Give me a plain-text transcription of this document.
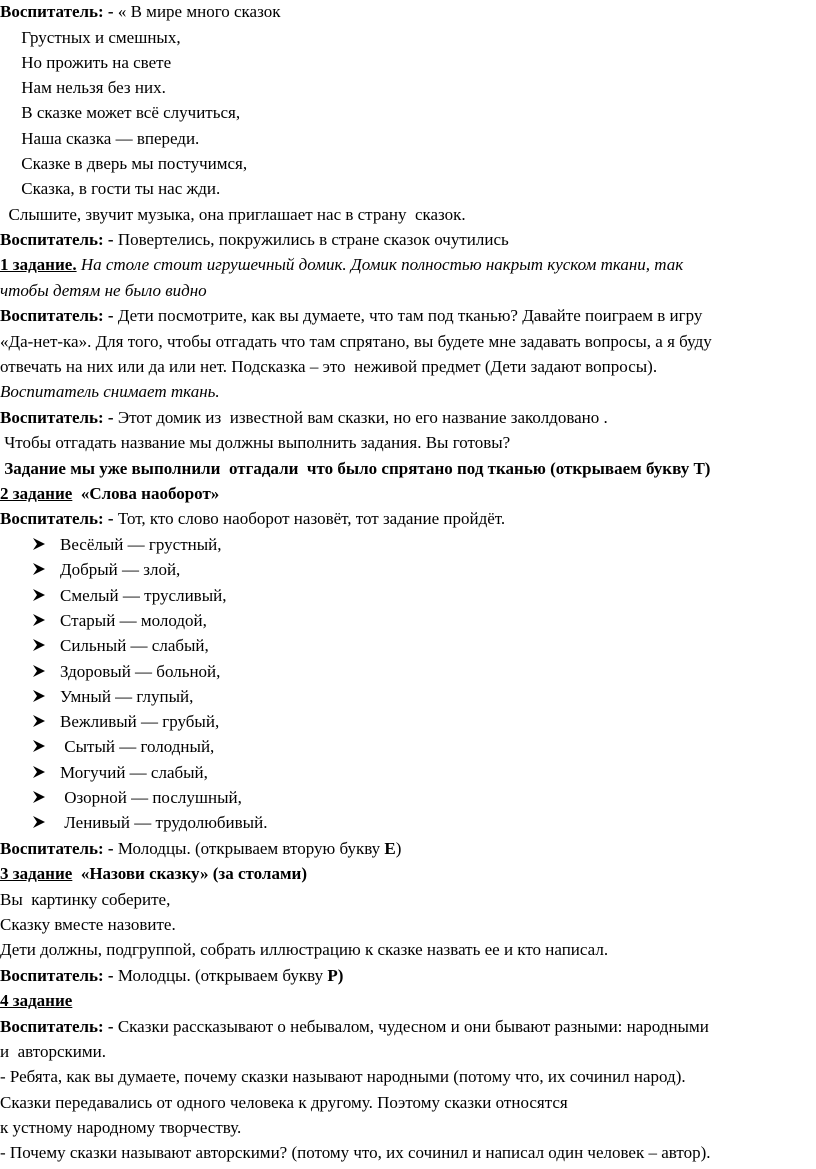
Воспитатель: - « В мире много сказок
Грустных и смешных,
Но прожить на свете
Нам нельзя без них.
В сказке может всё случиться,
Наша сказка — впереди.
Сказке в дверь мы постучимся,
Сказка, в гости ты нас жди.
Слышите, звучит музыка, она приглашает нас в страну  сказок.
Воспитатель: - Повертелись, покружились в стране сказок очутились
1 задание. На столе стоит игрушечный домик. Домик полностью накрыт куском ткани, так
чтобы детям не было видно
Воспитатель: - Дети посмотрите, как вы думаете, что там под тканью? Давайте поиграем в игру
«Да-нет-ка». Для того, чтобы отгадать что там спрятано, вы будете мне задавать вопросы, а я буду
отвечать на них или да или нет. Подсказка – это  неживой предмет (Дети задают вопросы).
Воспитатель снимает ткань.
Воспитатель: - Этот домик из  известной вам сказки, но его название заколдовано .
Чтобы отгадать название мы должны выполнить задания. Вы готовы?
Задание мы уже выполнили  отгадали  что было спрятано под тканью (открываем букву Т)
2 задание  «Слова наоборот»
Воспитатель: - Тот, кто слово наоборот назовёт, тот задание пройдёт.
Весёлый — грустный,
Добрый — злой,
Смелый — трусливый,
Старый — молодой,
Сильный — слабый,
Здоровый — больной,
Умный — глупый,
Вежливый — грубый,
Сытый — голодный,
Могучий — слабый,
Озорной — послушный,
Ленивый — трудолюбивый.
Воспитатель: - Молодцы. (открываем вторую букву Е)
3 задание  «Назови сказку» (за столами)
Вы  картинку соберите,
Сказку вместе назовите.
Дети должны, подгруппой, собрать иллюстрацию к сказке назвать ее и кто написал.
Воспитатель: - Молодцы. (открываем букву Р)
4 задание
Воспитатель: - Сказки рассказывают о небывалом, чудесном и они бывают разными: народными
и  авторскими.
- Ребята, как вы думаете, почему сказки называют народными (потому что, их сочинил народ).
Сказки передавались от одного человека к другому. Поэтому сказки относятся
к устному народному творчеству.
- Почему сказки называют авторскими? (потому что, их сочинил и написал один человек – автор).
